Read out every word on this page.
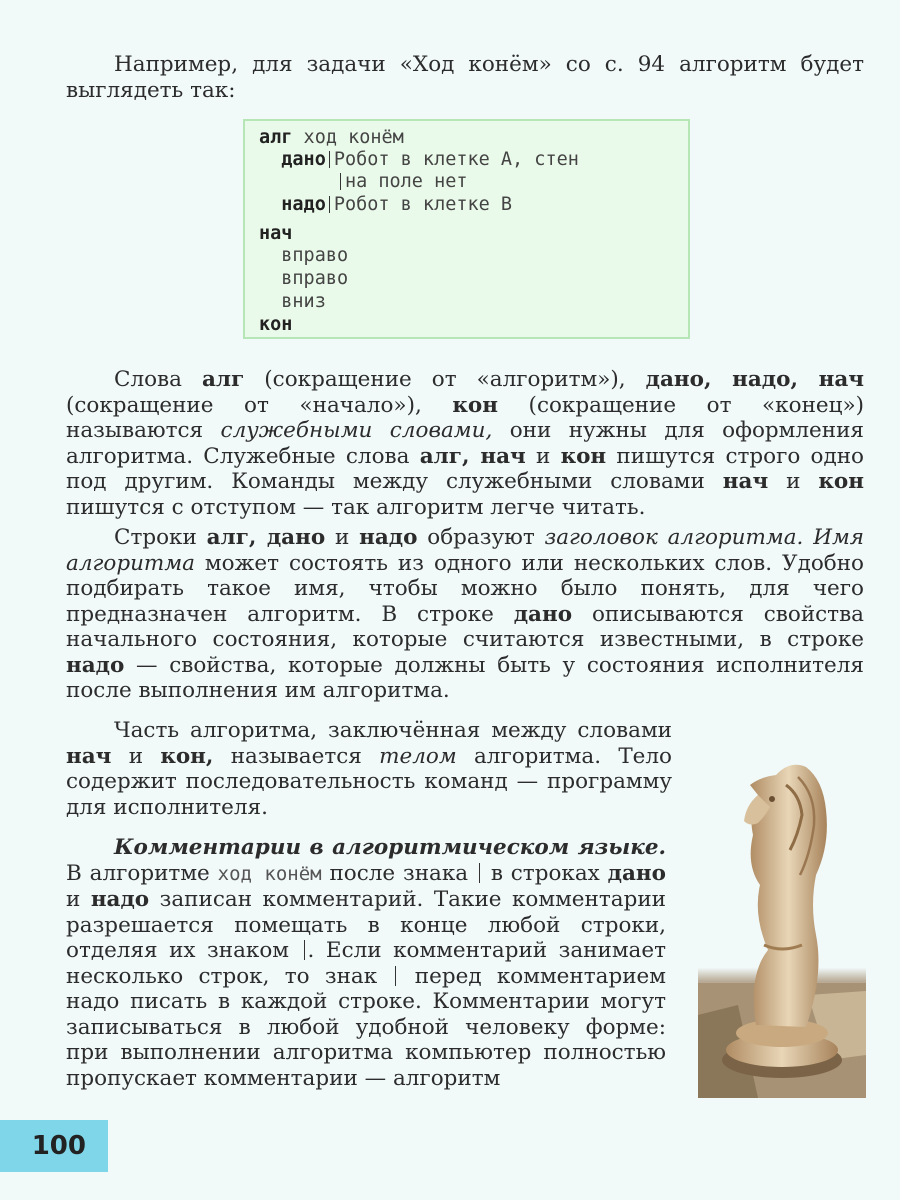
Например, для задачи «Ход конём» со с. 94 алгоритм будет выглядеть так:

алг ход конём
дано Робот в клетке А, стен
на поле нет
надо Робот в клетке В
нач
вправо
вправо
вниз
кон

Слова алг (сокращение от «алгоритм»), дано, надо, нач (сокращение от «начало»), кон (сокращение от «конец») называются служебными словами, они нужны для оформления алгоритма. Служебные слова алг, нач и кон пишутся строго одно под другим. Команды между служебными словами нач и кон пишутся с отступом — так алгоритм легче читать.

Строки алг, дано и надо образуют заголовок алгоритма. Имя алгоритма может состоять из одного или нескольких слов. Удобно подбирать такое имя, чтобы можно было понять, для чего предназначен алгоритм. В строке дано описываются свойства начального состояния, которые считаются известными, в строке надо — свойства, которые должны быть у состояния исполнителя после выполнения им алгоритма.

Часть алгоритма, заключённая между словами нач и кон, называется телом алгоритма. Тело содержит последовательность команд — программу для исполнителя.

Комментарии в алгоритмическом языке. В алгоритме ход конём после знака  в строках дано и надо записан комментарий. Такие комментарии разрешается помещать в конце любой строки, отделяя их знаком . Если комментарий занимает несколько строк, то знак  перед комментарием надо писать в каждой строке. Комментарии могут записываться в любой удобной человеку форме: при выполнении алгоритма компьютер полностью пропускает комментарии — алгоритм

100
